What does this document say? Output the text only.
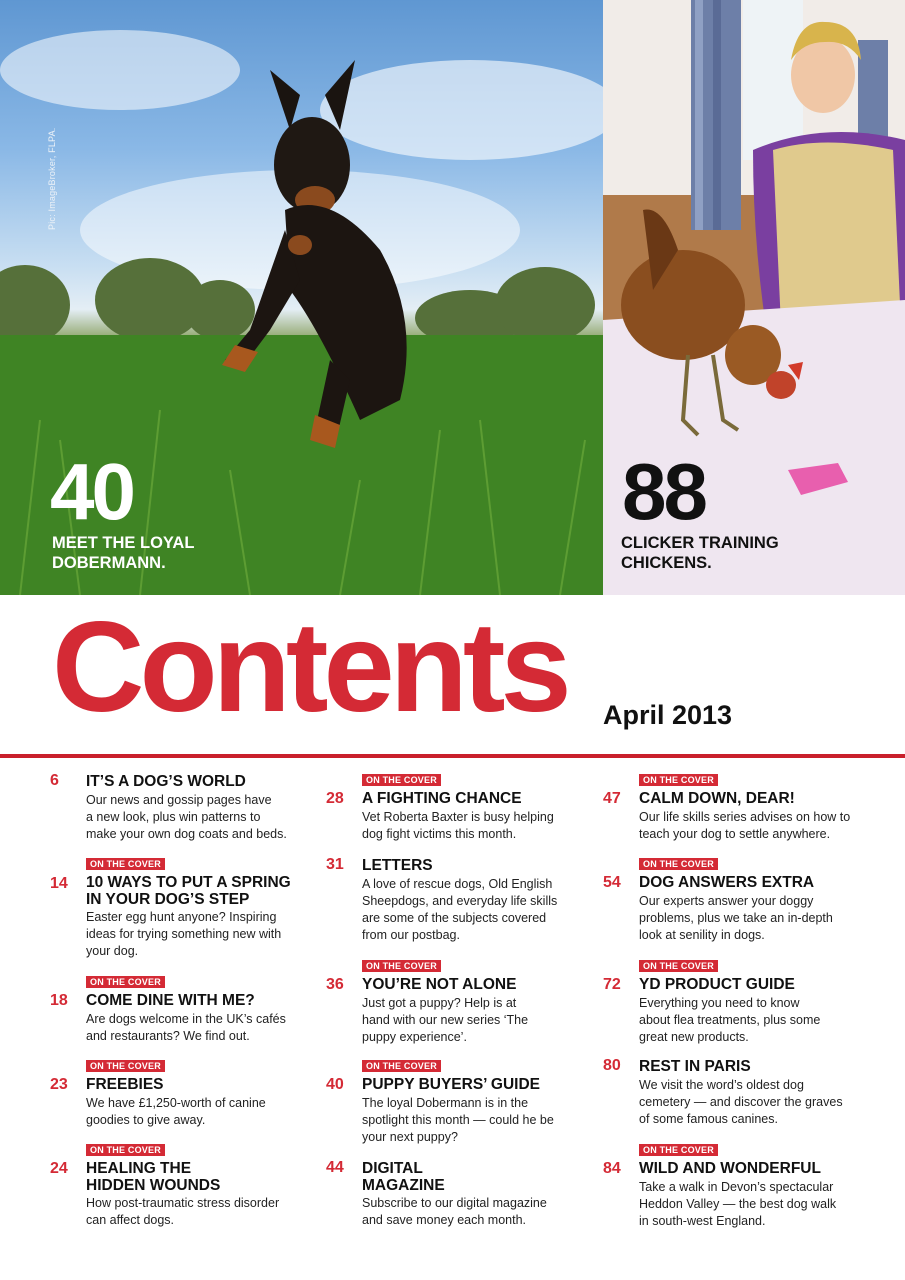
Pic: ImageBroker, FLPA.
40
MEET THE LOYAL
DOBERMANN.
88
CLICKER TRAINING
CHICKENS.
Contents April 2013
6	IT’S A DOG’S WORLD
Our news and gossip pages have
a new look, plus win patterns to
make your own dog coats and beds.
ON THE COVER
14	10 WAYS TO PUT A SPRING
IN YOUR DOG’S STEP
Easter egg hunt anyone? Inspiring
ideas for trying something new with
your dog.
ON THE COVER
18	COME DINE WITH ME?
Are dogs welcome in the UK’s cafés
and restaurants? We find out.
ON THE COVER
23	FREEBIES
We have £1,250-worth of canine
goodies to give away.
ON THE COVER
24	HEALING THE
HIDDEN WOUNDS
How post-traumatic stress disorder
can affect dogs.
ON THE COVER
28	A FIGHTING CHANCE
Vet Roberta Baxter is busy helping
dog fight victims this month.
31	LETTERS
A love of rescue dogs, Old English
Sheepdogs, and everyday life skills
are some of the subjects covered
from our postbag.
ON THE COVER
36	YOU’RE NOT ALONE
Just got a puppy? Help is at
hand with our new series ‘The
puppy experience’.
ON THE COVER
40	PUPPY BUYERS’ GUIDE
The loyal Dobermann is in the
spotlight this month — could he be
your next puppy?
44	DIGITAL
MAGAZINE
Subscribe to our digital magazine
and save money each month.
ON THE COVER
47	CALM DOWN, DEAR!
Our life skills series advises on how to
teach your dog to settle anywhere.
ON THE COVER
54	DOG ANSWERS EXTRA
Our experts answer your doggy
problems, plus we take an in-depth
look at senility in dogs.
ON THE COVER
72	YD PRODUCT GUIDE
Everything you need to know
about flea treatments, plus some
great new products.
80	REST IN PARIS
We visit the word’s oldest dog
cemetery — and discover the graves
of some famous canines.
ON THE COVER
84	WILD AND WONDERFUL
Take a walk in Devon’s spectacular
Heddon Valley — the best dog walk
in south-west England.
